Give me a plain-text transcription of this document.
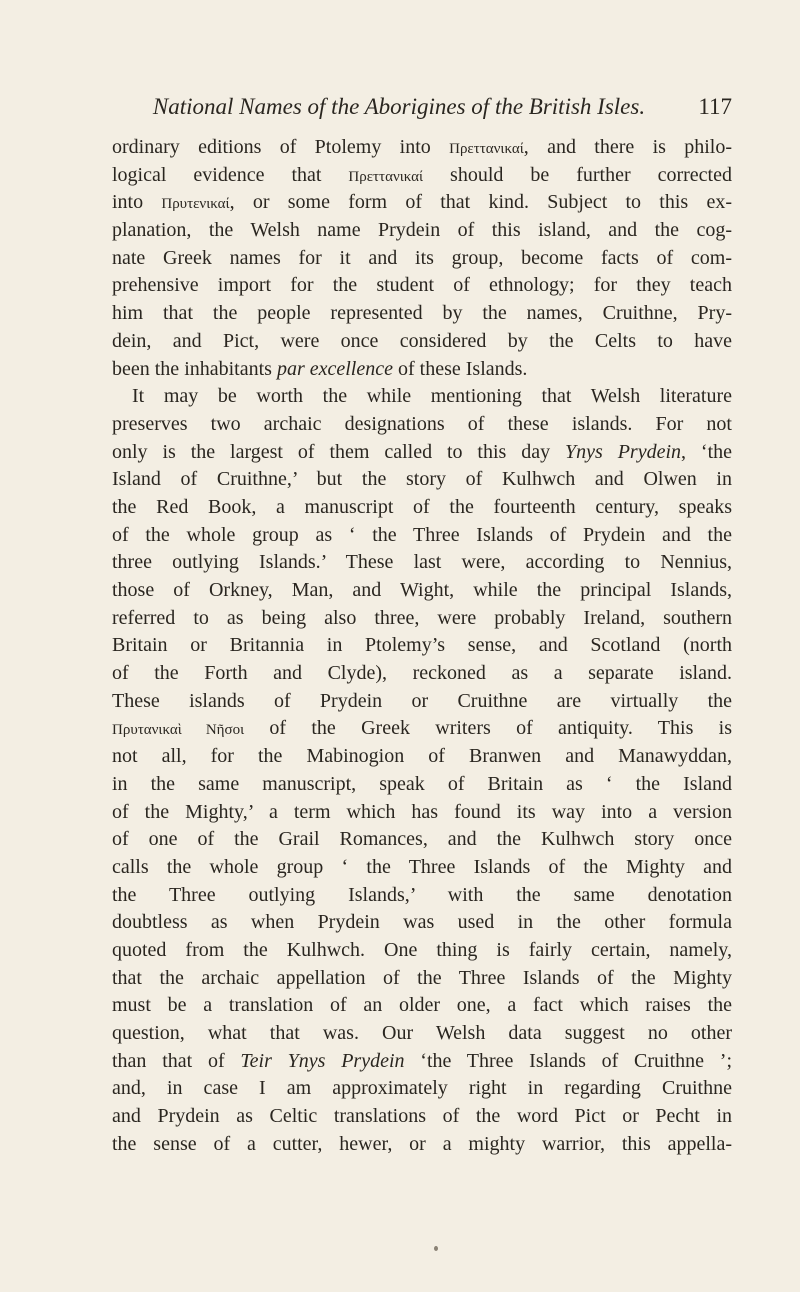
National Names of the Aborigines of the British Isles.	117
ordinary editions of Ptolemy into Πρεττανικαί, and there is philo-
logical evidence that Πρεττανικαί should be further corrected
into Πρυτενικαί, or some form of that kind. Subject to this ex-
planation, the Welsh name Prydein of this island, and the cog-
nate Greek names for it and its group, become facts of com-
prehensive import for the student of ethnology; for they teach
him that the people represented by the names, Cruithne, Pry-
dein, and Pict, were once considered by the Celts to have
been the inhabitants par excellence of these Islands.
It may be worth the while mentioning that Welsh literature
preserves two archaic designations of these islands. For not
only is the largest of them called to this day Ynys Prydein, ‘the
Island of Cruithne,’ but the story of Kulhwch and Olwen in
the Red Book, a manuscript of the fourteenth century, speaks
of the whole group as ‘ the Three Islands of Prydein and the
three outlying Islands.’ These last were, according to Nennius,
those of Orkney, Man, and Wight, while the principal Islands,
referred to as being also three, were probably Ireland, southern
Britain or Britannia in Ptolemy’s sense, and Scotland (north
of the Forth and Clyde), reckoned as a separate island.
These islands of Prydein or Cruithne are virtually the
Πρυτανικαὶ Νῆσοι of the Greek writers of antiquity. This is
not all, for the Mabinogion of Branwen and Manawyddan,
in the same manuscript, speak of Britain as ‘ the Island
of the Mighty,’ a term which has found its way into a version
of one of the Grail Romances, and the Kulhwch story once
calls the whole group ‘ the Three Islands of the Mighty and
the Three outlying Islands,’ with the same denotation
doubtless as when Prydein was used in the other formula
quoted from the Kulhwch. One thing is fairly certain, namely,
that the archaic appellation of the Three Islands of the Mighty
must be a translation of an older one, a fact which raises the
question, what that was. Our Welsh data suggest no other
than that of Teir Ynys Prydein ‘the Three Islands of Cruithne ’;
and, in case I am approximately right in regarding Cruithne
and Prydein as Celtic translations of the word Pict or Pecht in
the sense of a cutter, hewer, or a mighty warrior, this appella-
